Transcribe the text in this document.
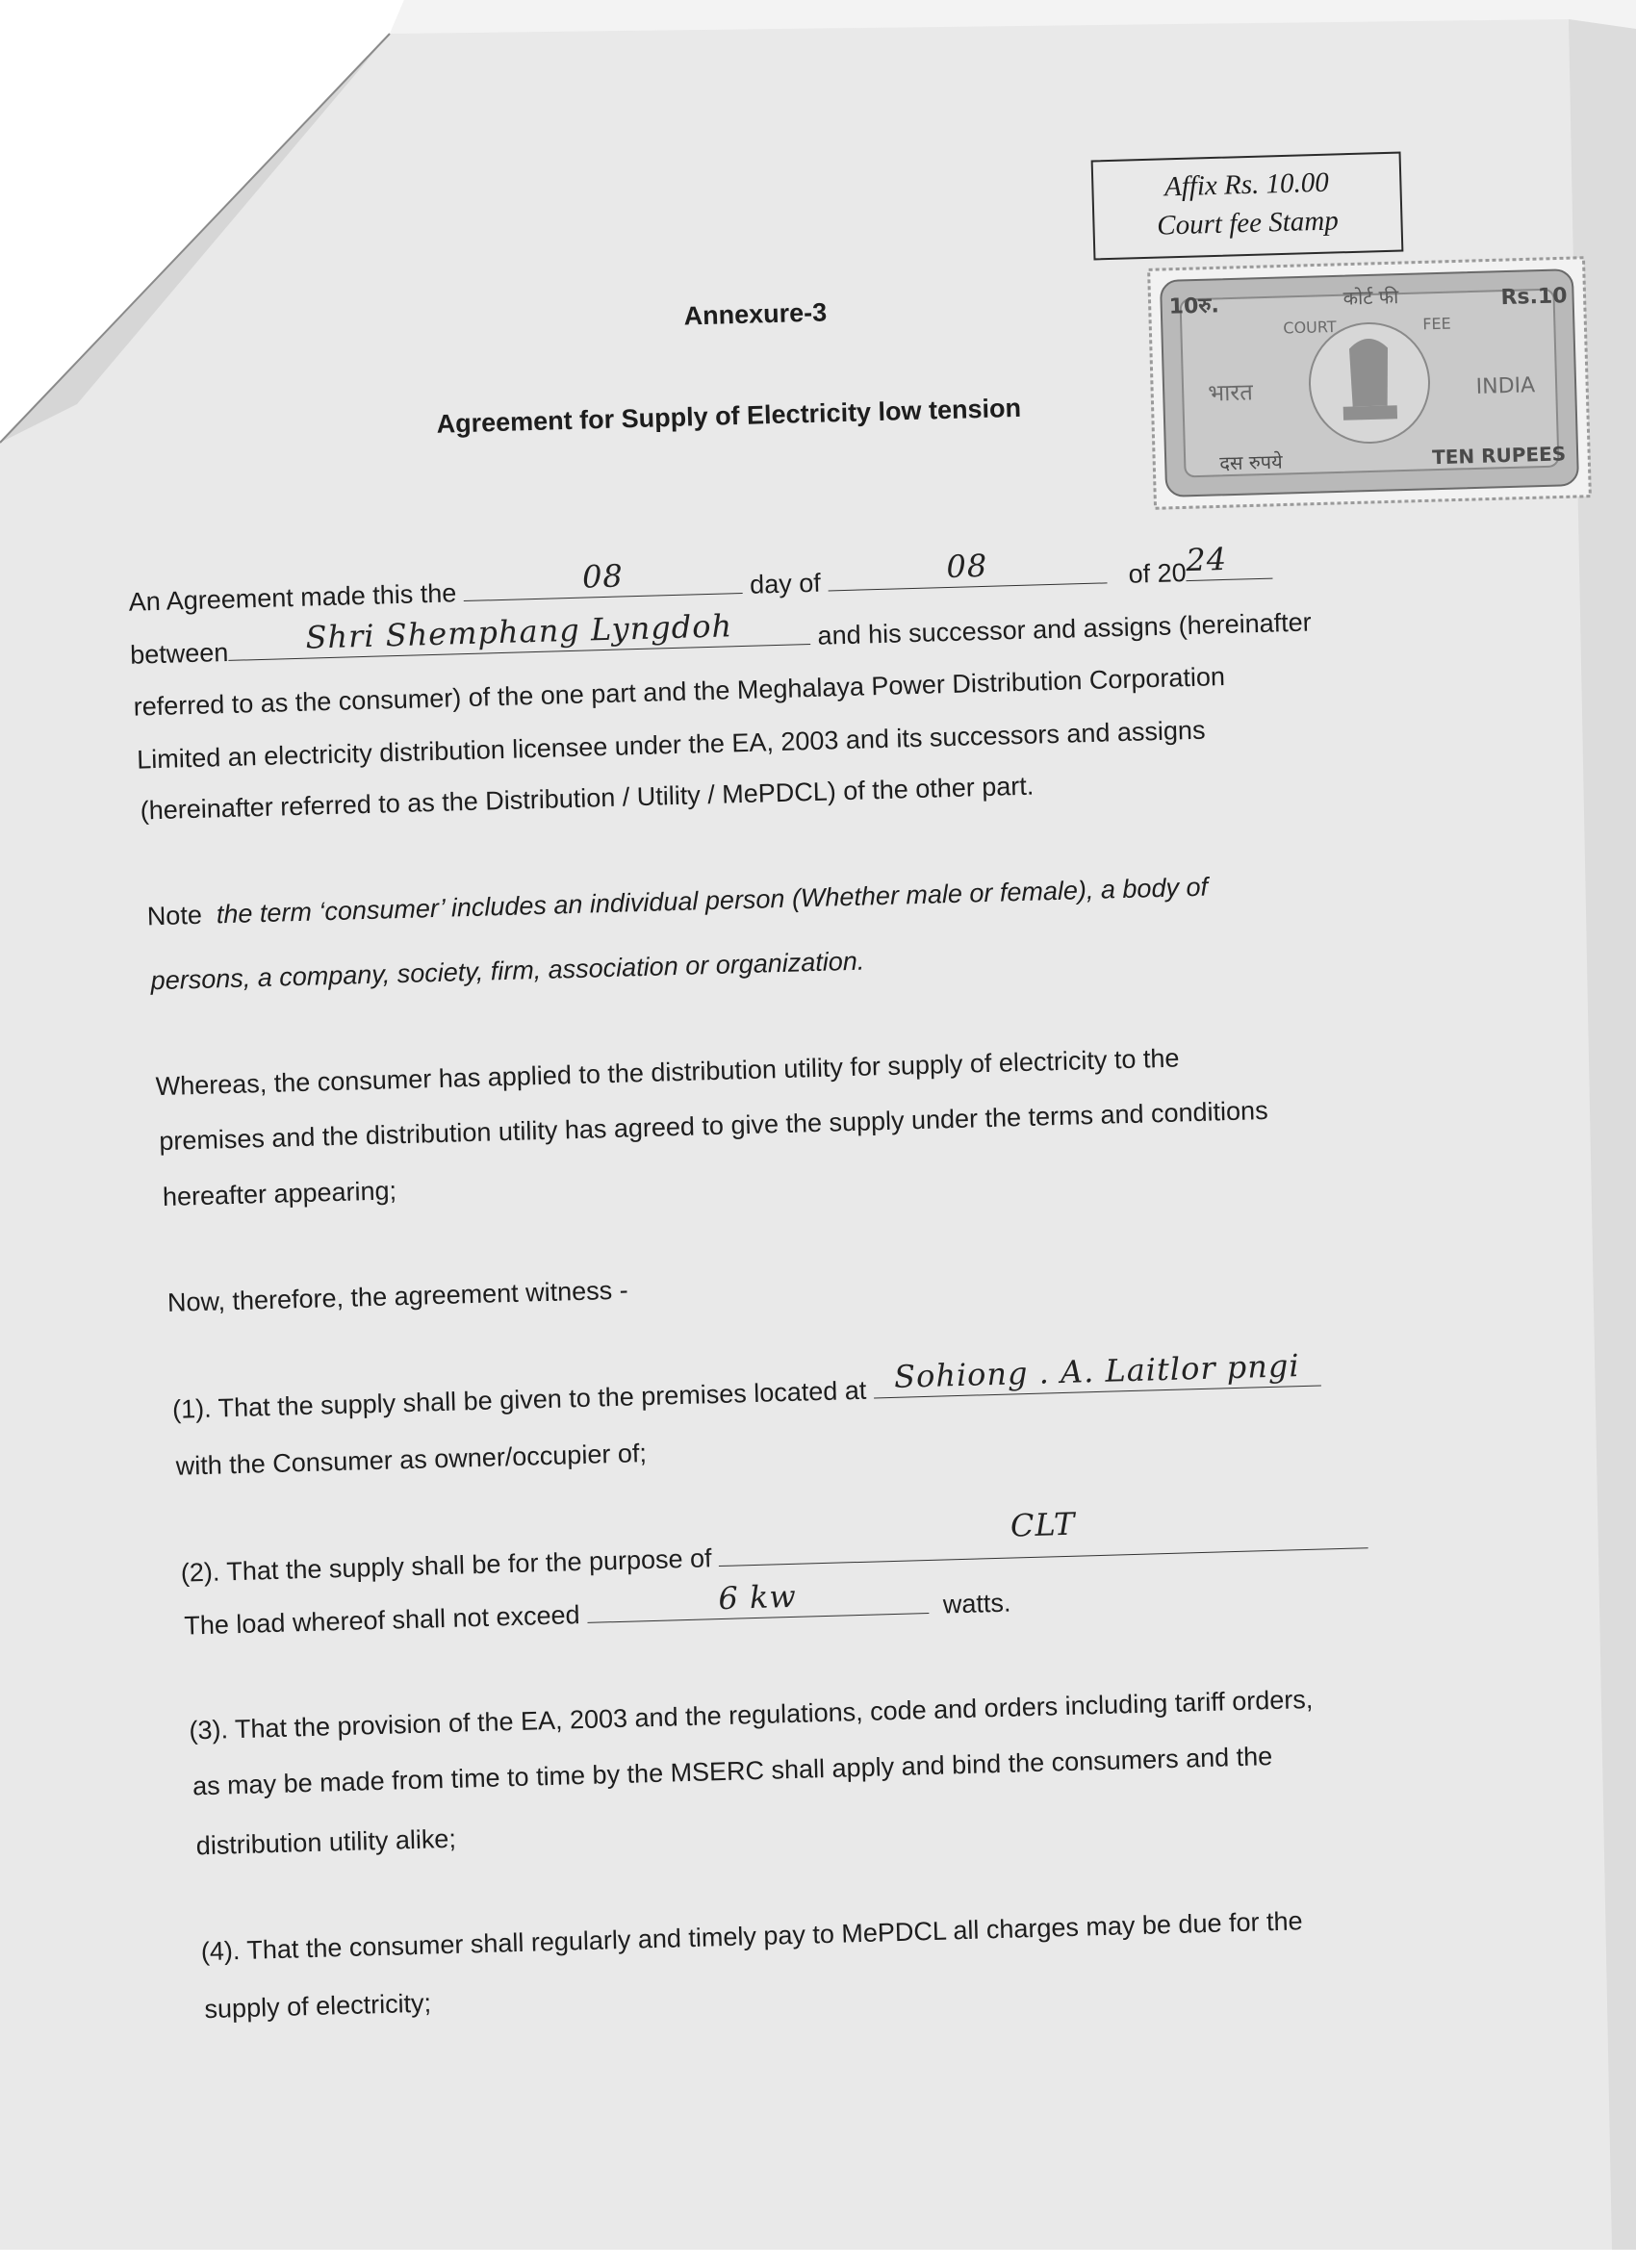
Affix Rs. 10.00
Court fee Stamp
10रु.	कोर्ट फी	Rs.10
COURT	FEE
भारत	INDIA
दस रुपये	TEN RUPEES
Annexure-3
Agreement for Supply of Electricity low tension
An Agreement made this the
08	day of	08	of 20
24
between	Shri Shemphang Lyngdoh	and his successor and assigns (hereinafter
referred to as the consumer) of the one part and the Meghalaya Power Distribution Corporation
Limited an electricity distribution licensee under the EA, 2003 and its successors and assigns
(hereinafter referred to as the Distribution / Utility / MePDCL) of the other part.
Note the term ‘consumer’ includes an individual person (Whether male or female), a body of
persons, a company, society, firm, association or organization.
Whereas, the consumer has applied to the distribution utility for supply of electricity to the
premises and the distribution utility has agreed to give the supply under the terms and conditions
hereafter appearing;
Now, therefore, the agreement witness -
(1). That the supply shall be given to the premises located at
Sohiong . A. Laitlor pngi
with the Consumer as owner/occupier of;
(2). That the supply shall be for the purpose of
CLT
The load whereof shall not exceed
6 kw	watts.
(3). That the provision of the EA, 2003 and the regulations, code and orders including tariff orders,
as may be made from time to time by the MSERC shall apply and bind the consumers and the
distribution utility alike;
(4). That the consumer shall regularly and timely pay to MePDCL all charges may be due for the
supply of electricity;
